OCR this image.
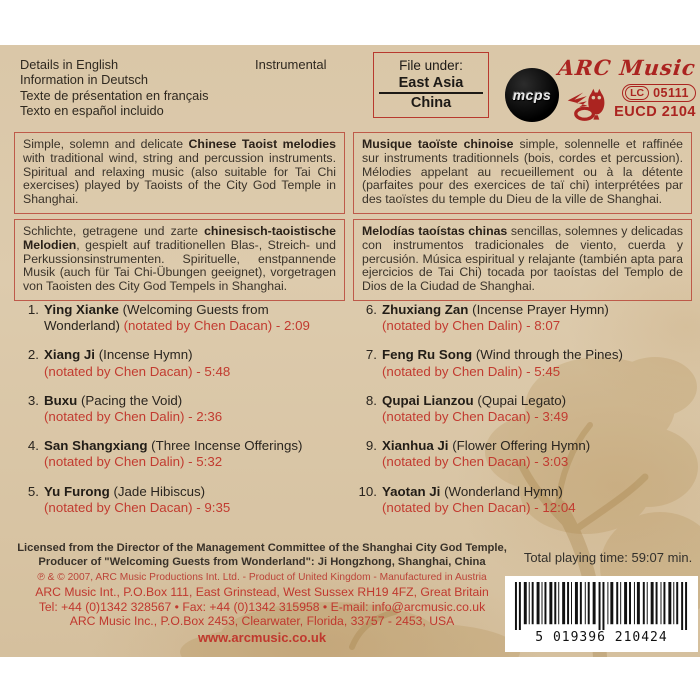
Details in English
Information in Deutsch
Texte de présentation en français
Texto en español incluido
Instrumental	File under:
East Asia
China	mcps
ARC Music
LC 05111
EUCD 2104

Simple, solemn and delicate Chinese Taoist melodies with traditional wind, string and percussion instruments. Spiritual and relaxing music (also suitable for Tai Chi exercises) played by Taoists of the City God Temple in Shanghai.

Musique taoïste chinoise simple, solennelle et raffinée sur instruments traditionnels (bois, cordes et percussion). Mélodies appelant au recueillement ou à la détente (parfaites pour des exercices de taï chi) interprétées par des taoïstes du temple du Dieu de la ville de Shanghai.

Schlichte, getragene und zarte chinesisch-taoistische Melodien, gespielt auf traditionellen Blas-, Streich- und Perkussionsinstrumenten. Spirituelle, enstpannende Musik (auch für Tai Chi-Übungen geeignet), vorgetragen von Taoisten des City God Tempels in Shanghai.

Melodías taoístas chinas sencillas, solemnes y delicadas con instrumentos tradicionales de viento, cuerda y percusión. Música espiritual y relajante (también apta para ejercicios de Tai Chi) tocada por taoístas del Templo de Dios de la Ciudad de Shanghai.

1. Ying Xianke (Welcoming Guests from Wonderland) (notated by Chen Dacan) - 2:09
2. Xiang Ji (Incense Hymn)
(notated by Chen Dacan) - 5:48
3. Buxu (Pacing the Void)
(notated by Chen Dalin) - 2:36
4. San Shangxiang (Three Incense Offerings)
(notated by Chen Dalin) - 5:32
5. Yu Furong (Jade Hibiscus)
(notated by Chen Dacan) - 9:35
6. Zhuxiang Zan (Incense Prayer Hymn)
(notated by Chen Dalin) - 8:07
7. Feng Ru Song (Wind through the Pines)
(notated by Chen Dalin) - 5:45
8. Qupai Lianzou (Qupai Legato)
(notated by Chen Dacan) - 3:49
9. Xianhua Ji (Flower Offering Hymn)
(notated by Chen Dacan) - 3:03
10. Yaotan Ji (Wonderland Hymn)
(notated by Chen Dacan) - 12:04
Licensed from the Director of the Management Committee of the Shanghai City God Temple,
Producer of "Welcoming Guests from Wonderland": Ji Hongzhong, Shanghai, China	Total playing time: 59:07 min.
℗ & © 2007, ARC Music Productions Int. Ltd. - Product of United Kingdom - Manufactured in Austria
ARC Music Int., P.O.Box 111, East Grinstead, West Sussex RH19 4FZ, Great Britain
Tel: +44 (0)1342 328567 • Fax: +44 (0)1342 315958 • E-mail: info@arcmusic.co.uk
ARC Music Inc., P.O.Box 2453, Clearwater, Florida, 33757 - 2453, USA
www.arcmusic.co.uk	5 019396 210424
